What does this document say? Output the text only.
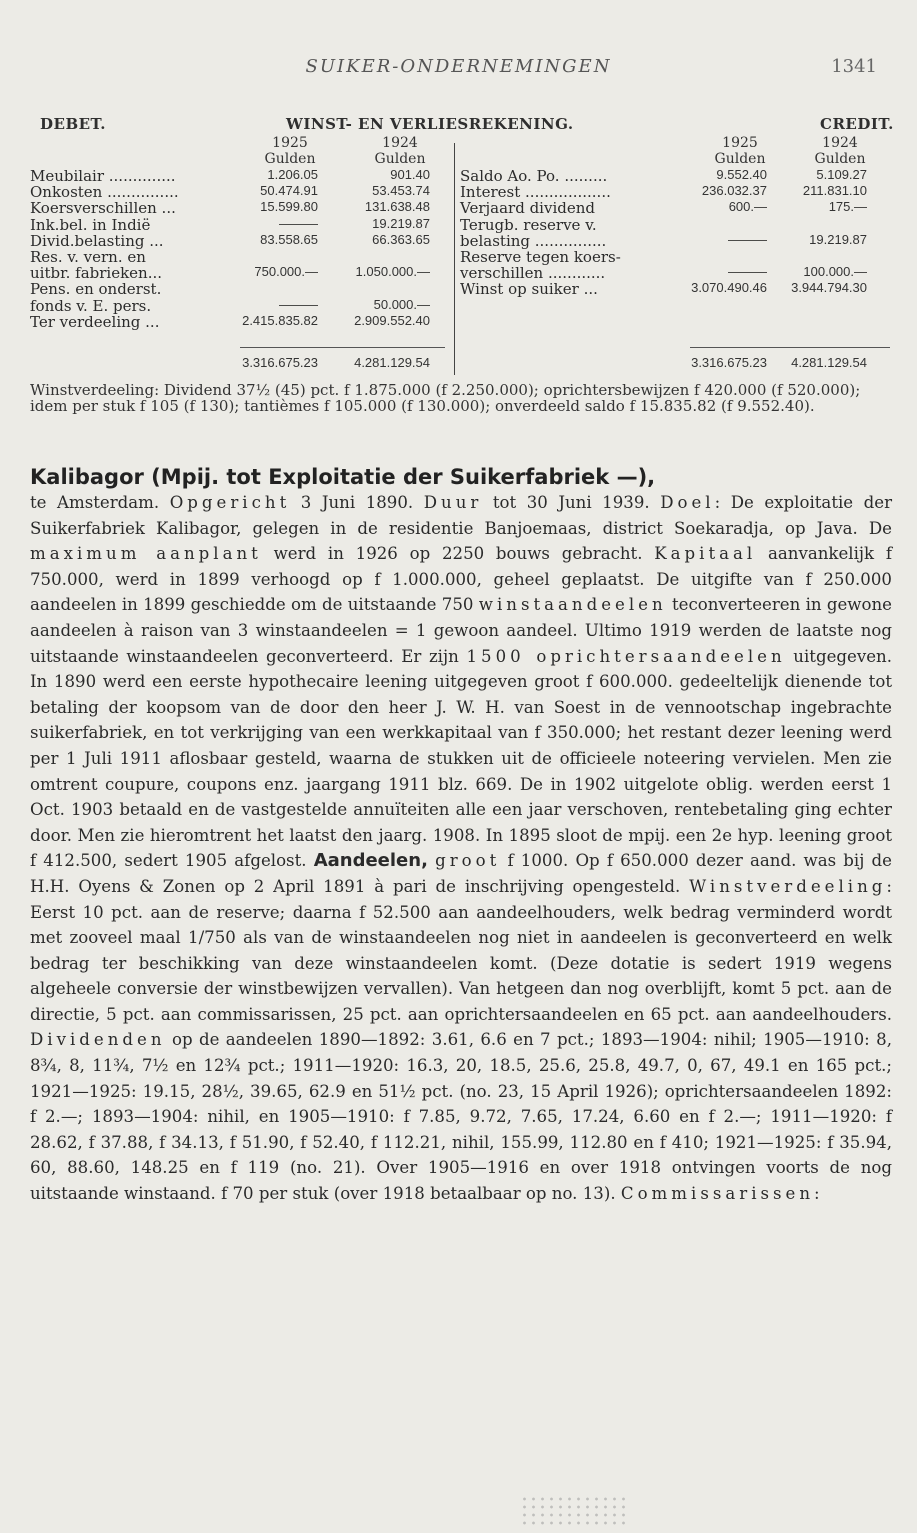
SUIKER-ONDERNEMINGEN	1341
DEBET.	WINST- EN VERLIESREKENING.	CREDIT.
1925	1924
Gulden	Gulden
Meubilair ..............	1.206.05	901.40
Onkosten ...............	50.474.91	53.453.74
Koersverschillen ...	15.599.80	131.638.48
Ink.bel. in Indië	———	19.219.87
Divid.belasting ...	83.558.65	66.363.65
Res. v. vern. en
uitbr. fabrieken...	750.000.—	1.050.000.—
Pens. en onderst.
fonds v. E. pers.	———	50.000.—
Ter verdeeling ...	2.415.835.82	2.909.552.40
3.316.675.23	4.281.129.54
1925	1924
Gulden	Gulden
Saldo Ao. Po. .........	9.552.40	5.109.27
Interest ..................	236.032.37	211.831.10
Verjaard dividend	600.—	175.—
Terugb. reserve v.
belasting ...............	———	19.219.87
Reserve tegen koers-
verschillen ............	———	100.000.—
Winst op suiker ...	3.070.490.46	3.944.794.30
3.316.675.23	4.281.129.54
Winstverdeeling: Dividend 37½ (45) pct. f 1.875.000 (f 2.250.000); oprichtersbewijzen f 420.000 (f 520.000); idem per stuk f 105 (f 130); tantièmes f 105.000 (f 130.000); onverdeeld saldo f 15.835.82 (f 9.552.40).
Kalibagor (Mpij. tot Exploitatie der Suikerfabriek —),

te Amsterdam. Opgericht 3 Juni 1890. Duur tot 30 Juni 1939. Doel: De exploitatie der Suikerfabriek Kalibagor, gelegen in de residentie Banjoemaas, district Soekaradja, op Java. De maximum aanplant werd in 1926 op 2250 bouws gebracht. Kapitaal aanvankelijk f 750.000, werd in 1899 verhoogd op f 1.000.000, geheel geplaatst. De uitgifte van f 250.000 aandeelen in 1899 geschiedde om de uitstaande 750 winstaandeelen teconverteeren in gewone aandeelen à raison van 3 winstaandeelen = 1 gewoon aandeel. Ultimo 1919 werden de laatste nog uitstaande winstaandeelen geconverteerd. Er zijn 1500 oprichtersaandeelen uitgegeven. In 1890 werd een eerste hypothecaire leening uitgegeven groot f 600.000. gedeeltelijk dienende tot betaling der koopsom van de door den heer J. W. H. van Soest in de vennootschap ingebrachte suikerfabriek, en tot verkrijging van een werkkapitaal van f 350.000; het restant dezer leening werd per 1 Juli 1911 aflosbaar gesteld, waarna de stukken uit de officieele noteering vervielen. Men zie omtrent coupure, coupons enz. jaargang 1911 blz. 669. De in 1902 uitgelote oblig. werden eerst 1 Oct. 1903 betaald en de vastgestelde annuïteiten alle een jaar verschoven, rentebetaling ging echter door. Men zie hieromtrent het laatst den jaarg. 1908. In 1895 sloot de mpij. een 2e hyp. leening groot f 412.500, sedert 1905 afgelost. Aandeelen, groot f 1000. Op f 650.000 dezer aand. was bij de H.H. Oyens & Zonen op 2 April 1891 à pari de inschrijving opengesteld. Winstverdeeling: Eerst 10 pct. aan de reserve; daarna f 52.500 aan aandeelhouders, welk bedrag verminderd wordt met zooveel maal 1/750 als van de winstaandeelen nog niet in aandeelen is geconverteerd en welk bedrag ter beschikking van deze winstaandeelen komt. (Deze dotatie is sedert 1919 wegens algeheele conversie der winstbewijzen vervallen). Van hetgeen dan nog overblijft, komt 5 pct. aan de directie, 5 pct. aan commissarissen, 25 pct. aan oprichtersaandeelen en 65 pct. aan aandeelhouders. Dividenden op de aandeelen 1890—1892: 3.61, 6.6 en 7 pct.; 1893—1904: nihil; 1905—1910: 8, 8¾, 8, 11¾, 7½ en 12¾ pct.; 1911—1920: 16.3, 20, 18.5, 25.6, 25.8, 49.7, 0, 67, 49.1 en 165 pct.; 1921—1925: 19.15, 28½, 39.65, 62.9 en 51½ pct. (no. 23, 15 April 1926); oprichtersaandeelen 1892: f 2.—; 1893—1904: nihil, en 1905—1910: f 7.85, 9.72, 7.65, 17.24, 6.60 en f 2.—; 1911—1920: f 28.62, f 37.88, f 34.13, f 51.90, f 52.40, f 112.21, nihil, 155.99, 112.80 en f 410; 1921—1925: f 35.94, 60, 88.60, 148.25 en f 119 (no. 21). Over 1905—1916 en over 1918 ontvingen voorts de nog uitstaande winstaand. f 70 per stuk (over 1918 betaalbaar op no. 13). Commissarissen:
